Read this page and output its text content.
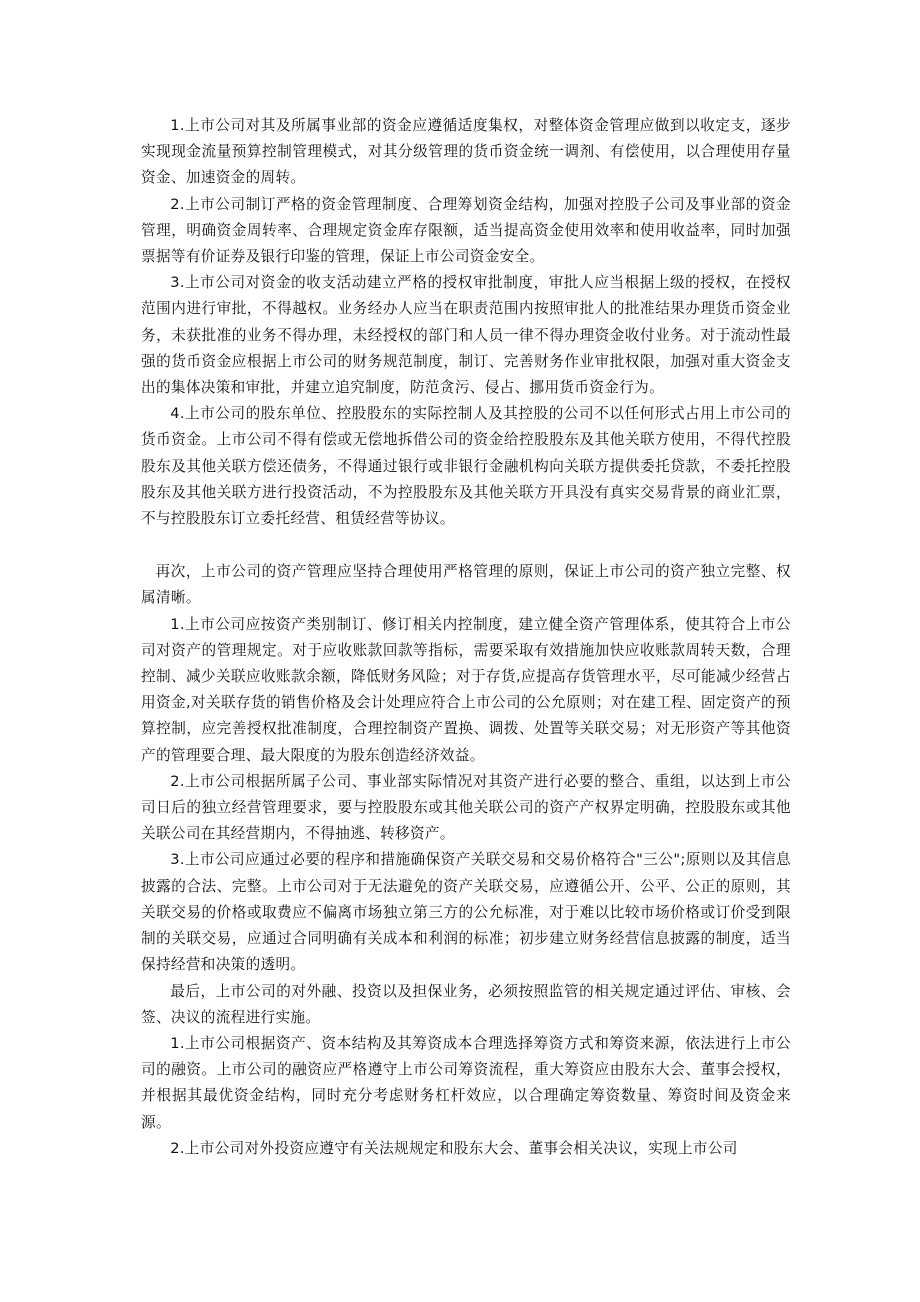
1.上市公司对其及所属事业部的资金应遵循适度集权，对整体资金管理应做到以收定支，逐步实现现金流量预算控制管理模式，对其分级管理的货币资金统一调剂、有偿使用，以合理使用存量资金、加速资金的周转。

2.上市公司制订严格的资金管理制度、合理筹划资金结构，加强对控股子公司及事业部的资金管理，明确资金周转率、合理规定资金库存限额，适当提高资金使用效率和使用收益率，同时加强票据等有价证券及银行印鉴的管理，保证上市公司资金安全。

3.上市公司对资金的收支活动建立严格的授权审批制度，审批人应当根据上级的授权，在授权范围内进行审批，不得越权。业务经办人应当在职责范围内按照审批人的批准结果办理货币资金业务，未获批准的业务不得办理，未经授权的部门和人员一律不得办理资金收付业务。对于流动性最强的货币资金应根据上市公司的财务规范制度，制订、完善财务作业审批权限，加强对重大资金支出的集体决策和审批，并建立追究制度，防范贪污、侵占、挪用货币资金行为。

4.上市公司的股东单位、控股股东的实际控制人及其控股的公司不以任何形式占用上市公司的货币资金。上市公司不得有偿或无偿地拆借公司的资金给控股股东及其他关联方使用，不得代控股股东及其他关联方偿还债务，不得通过银行或非银行金融机构向关联方提供委托贷款，不委托控股股东及其他关联方进行投资活动，不为控股股东及其他关联方开具没有真实交易背景的商业汇票，不与控股股东订立委托经营、租赁经营等协议。

再次，上市公司的资产管理应坚持合理使用严格管理的原则，保证上市公司的资产独立完整、权属清晰。

1.上市公司应按资产类别制订、修订相关内控制度，建立健全资产管理体系，使其符合上市公司对资产的管理规定。对于应收账款回款等指标，需要采取有效措施加快应收账款周转天数，合理控制、减少关联应收账款余额，降低财务风险；对于存货,应提高存货管理水平，尽可能减少经营占用资金,对关联存货的销售价格及会计处理应符合上市公司的公允原则；对在建工程、固定资产的预算控制，应完善授权批准制度，合理控制资产置换、调拨、处置等关联交易；对无形资产等其他资产的管理要合理、最大限度的为股东创造经济效益。

2.上市公司根据所属子公司、事业部实际情况对其资产进行必要的整合、重组，以达到上市公司日后的独立经营管理要求，要与控股股东或其他关联公司的资产产权界定明确，控股股东或其他关联公司在其经营期内，不得抽逃、转移资产。

3.上市公司应通过必要的程序和措施确保资产关联交易和交易价格符合"三公";原则以及其信息披露的合法、完整。上市公司对于无法避免的资产关联交易，应遵循公开、公平、公正的原则，其关联交易的价格或取费应不偏离市场独立第三方的公允标准，对于难以比较市场价格或订价受到限制的关联交易，应通过合同明确有关成本和利润的标准；初步建立财务经营信息披露的制度，适当保持经营和决策的透明。

最后，上市公司的对外融、投资以及担保业务，必须按照监管的相关规定通过评估、审核、会签、决议的流程进行实施。

1.上市公司根据资产、资本结构及其筹资成本合理选择筹资方式和筹资来源，依法进行上市公司的融资。上市公司的融资应严格遵守上市公司筹资流程，重大筹资应由股东大会、董事会授权，并根据其最优资金结构，同时充分考虑财务杠杆效应，以合理确定筹资数量、筹资时间及资金来源。

2.上市公司对外投资应遵守有关法规规定和股东大会、董事会相关决议，实现上市公司
